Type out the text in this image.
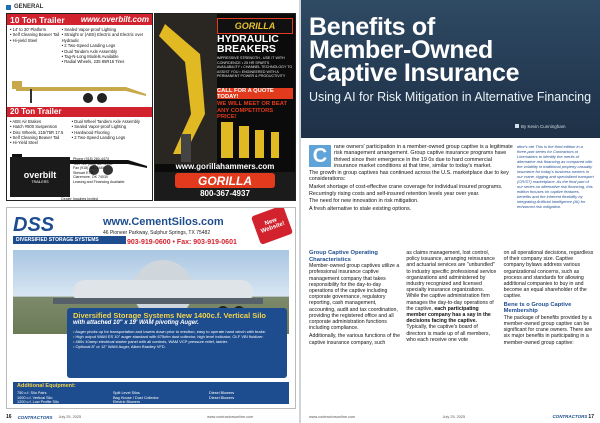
GENERAL
10 Ton Trailer www.overbilt.com
• 14' to 30' Platform
• Self Cleaning Beaver Tail
• Hi-yield Steel
• Sealed Vapor-proof Lighting
• Straight or (ABS) Electric and Electric over Hydraulic
• 2 Two-Speed Landing Legs
• Dual Tandem Axle Assembly
• Tag-N-Long Models Available
• Radial Wheels, 235 85R16 Tires
20 Ton Trailer
• ABS Air Brakes
• Hatch #500 Suspension
• Disc Wheels, 215/75R 17.5
• Self Cleaning Beaver Tail
• Hi-Yield Steel
• Dual Wheel Tandem Axle Assembly
• Sealed Vapor-proof Lighting
• Hardwood Flooring
• 2 Two-Speed Landing Legs
overbilt
TRAILERS
Phone (918) 260-4474
Toll Free (888) 687-2458
Fax (918) 260-4484
Stewart ETS
Claremore, OK 74030
Leasing and Financing Available
Dealer Inquiries Invited
GORILLA
HYDRAULIC BREAKERS
IMPRESSIVE STRENGTH - USE IT WITH CONFIDENCE • 25 HR SPARTS AVAILABILITY • CHANNEL TECHNOLOGY TO ASSIST YOU • ENGINEERED WITH A PERMANENT POWER & PRODUCTIVITY
CALL FOR A QUOTE TODAY!
WE WILL MEET OR BEAT ANY COMPETITORS PRICE!
www.gorillahammers.com
GORILLA
800-367-4937
DSS
DIVERSIFIED STORAGE SYSTEMS
www.CementSilos.com
46 Pioneer Parkway, Sulphur Springs, TX 75482
903-919-0600 • Fax: 903-919-0601
New Website!
Diversified Storage Systems New 1400c.f. Vertical Silo
with attached 10" x 19' WAM pivoting Auger.
• Auger pivots up for transportation and lowers down prior to erection, easy to operate hand winch with brake.
• High output WAM ES 10" auger standard with 675cfm dust collector, high level indicator, OLF VBI fluidizer.
• 480v 10amp electrical starter panel with all controls, WAM VCP pressure relief, ladder.
• Optional 8" or 12" WAM Auger, Aiken Bradley VFD.
Additional Equipment:
750 c.f. Silo Pairs
1000 c.f. Vertical Silo
1200 c.f. Low Profile Silo
Split Level Silos
Bag House / Dust Collector
Electric Blowers
Diesel Blowers
Diesel Blowers
16 CONTRACTORS July 25, 2025	www.contractorsonline.com
Benefits of
Member-Owned
Captive Insurance
Using AI for Risk Mitigation in Alternative Financing
By Kevin Cunningham
C	rane owners' participation in a member-owned group captive is a legitimate risk management arrangement. Group captive insurance programs have thrived since their emergence in the 19 0s due to hard commercial insurance market conditions at that time, similar to today's market.

The growth in group captives has continued across the U.S. marketplace due to key considerations:

Market shortage of cost-effective crane coverage for individual insured programs.

Recurringly rising costs and self-insured retention levels year over year.

The need for new innovation in risk mitigation.

A fresh alternative to stale existing options.

ditor's ote This is the third edition in a three-part series for Contractors ot Linemakers to identify the merits of alternative risk financing as compared with the volatility in traditional property casualty insurance for today's business owners in our crane, rigging and specialized transport (CR/ST) marketplace. As the final part of our series on alternative risk financing, this edition focuses on captive features, benefits and the inherent flexibility by integrating Artificial Intelligence (AI) for enhanced risk mitigation.
Group Captive Operating Characteristics

Member-owned group captives utilize a professional insurance captive management company that takes responsibility for the day-to-day operations of the captive including corporate governance, regulatory reporting, cash management, accounting, audit and tax coordination, providing the registered office and all corporate administration functions including compliance.

Additionally, the various functions of the captive insurance company, such

as claims management, lost control, policy issuance, arranging reinsurance and actuarial services are "unbundled" to industry specific professional service organizations and administered by industry recognized and licensed specialty insurance organizations. While the captive administration firm manages the day-to-day operations of the captive, each participating member company has a say in the decisions facing the captive. Typically, the captive's board of directors is made up of all members, who each receive one vote

on all operational decisions, regardless of their company size. Captive company bylaws address various organizational concerns, such as process and standards for allowing additional companies to buy in and become an equal shareholder of the captive.

Bene ts o Group Captive Membership

The package of benefits provided by a member-owned group captive can be significant for crane owners. There are six major benefits in participating in a member-owned group captive:

www.contractorsonline.com	July 25, 2025	CONTRACTORS 17
